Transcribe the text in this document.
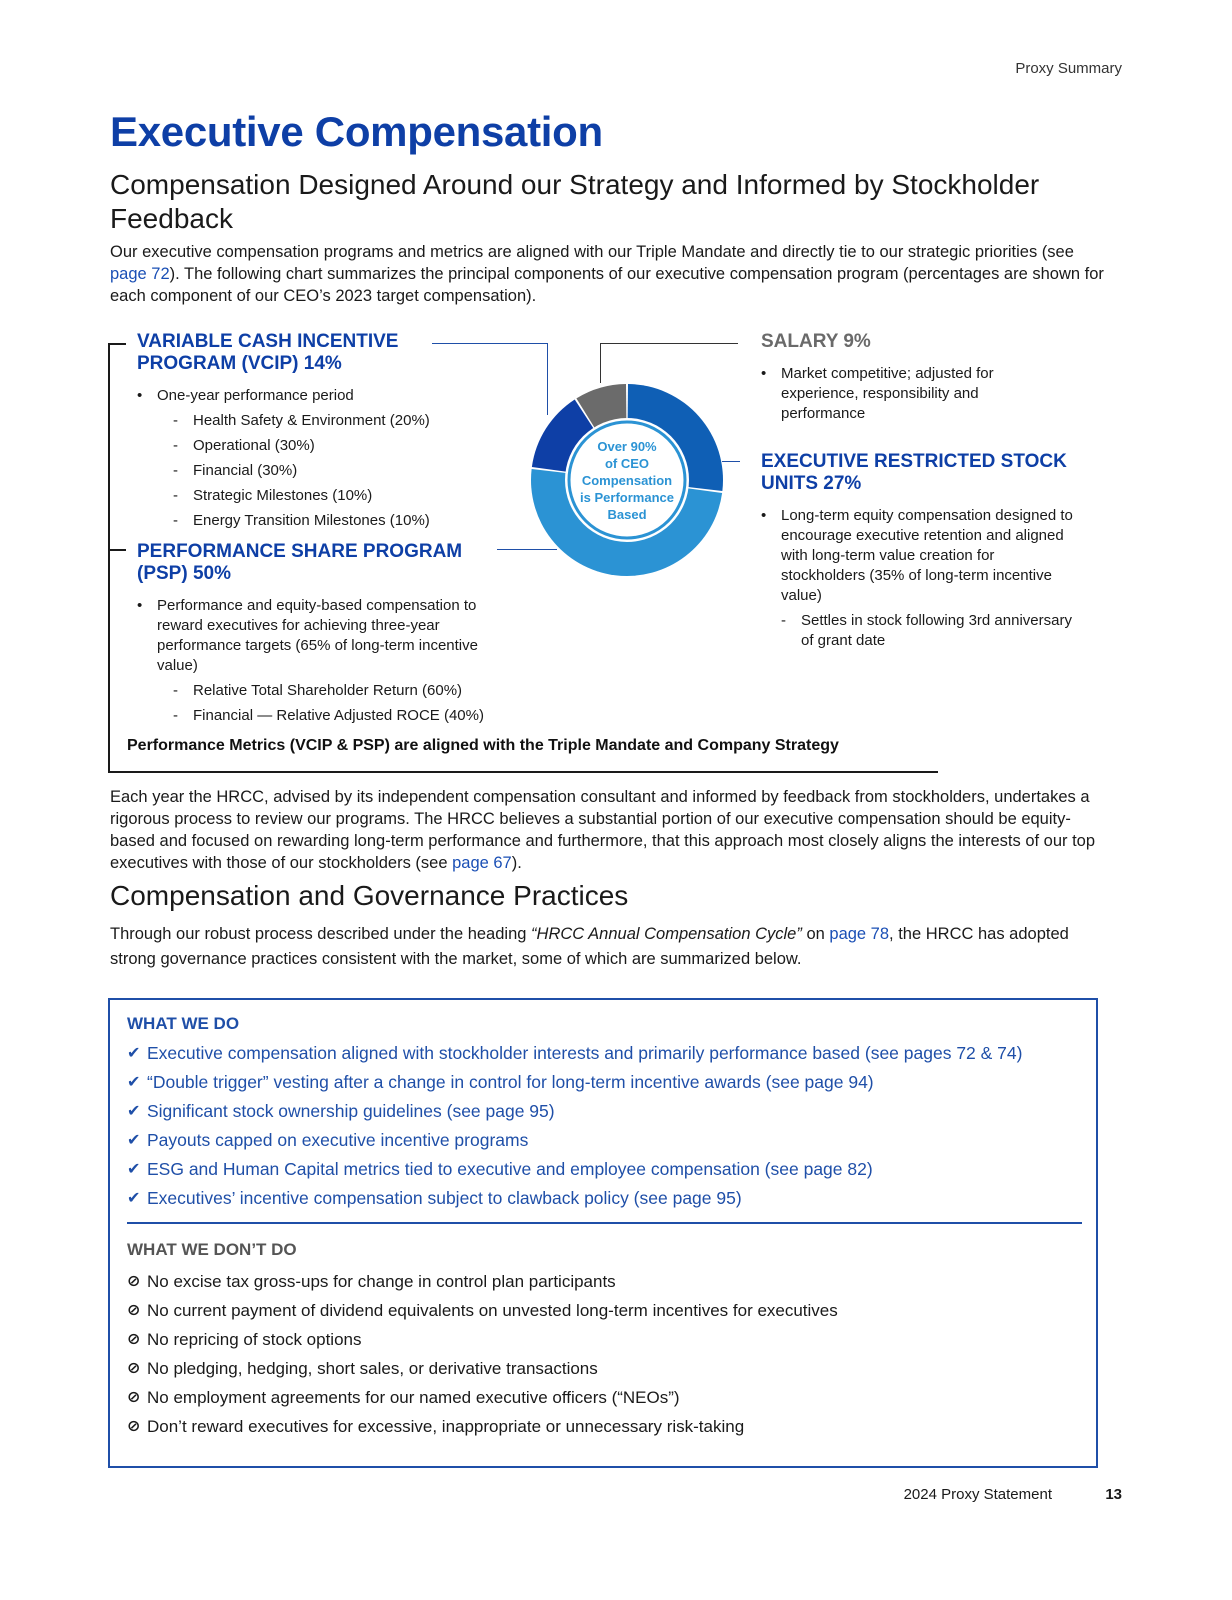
Proxy Summary
Executive Compensation
Compensation Designed Around our Strategy and Informed by Stockholder Feedback

Our executive compensation programs and metrics are aligned with our Triple Mandate and directly tie to our strategic priorities (see page 72). The following chart summarizes the principal components of our executive compensation program (percentages are shown for each component of our CEO’s 2023 target compensation).

Over 90%
of CEO
Compensation
is Performance
Based
VARIABLE CASH INCENTIVE PROGRAM (VCIP) 14%
• One-year performance period
- Health Safety & Environment (20%)
- Operational (30%)
- Financial (30%)
- Strategic Milestones (10%)
- Energy Transition Milestones (10%)
PERFORMANCE SHARE PROGRAM (PSP) 50%
• Performance and equity-based compensation to reward executives for achieving three-year performance targets (65% of long-term incentive value)
- Relative Total Shareholder Return (60%)
- Financial — Relative Adjusted ROCE (40%)
SALARY 9%
• Market competitive; adjusted for experience, responsibility and performance
EXECUTIVE RESTRICTED STOCK UNITS 27%
• Long-term equity compensation designed to encourage executive retention and aligned with long-term value creation for stockholders (35% of long-term incentive value)
- Settles in stock following 3rd anniversary of grant date
Performance Metrics (VCIP & PSP) are aligned with the Triple Mandate and Company Strategy

Each year the HRCC, advised by its independent compensation consultant and informed by feedback from stockholders, undertakes a rigorous process to review our programs. The HRCC believes a substantial portion of our executive compensation should be equity-based and focused on rewarding long-term performance and furthermore, that this approach most closely aligns the interests of our top executives with those of our stockholders (see page 67).

Compensation and Governance Practices

Through our robust process described under the heading “HRCC Annual Compensation Cycle” on page 78, the HRCC has adopted strong governance practices consistent with the market, some of which are summarized below.

WHAT WE DO
✔ Executive compensation aligned with stockholder interests and primarily performance based (see pages 72 & 74)
✔ “Double trigger” vesting after a change in control for long-term incentive awards (see page 94)
✔ Significant stock ownership guidelines (see page 95)
✔ Payouts capped on executive incentive programs
✔ ESG and Human Capital metrics tied to executive and employee compensation (see page 82)
✔ Executives’ incentive compensation subject to clawback policy (see page 95)
WHAT WE DON’T DO
⊘ No excise tax gross-ups for change in control plan participants
⊘ No current payment of dividend equivalents on unvested long-term incentives for executives
⊘ No repricing of stock options
⊘ No pledging, hedging, short sales, or derivative transactions
⊘ No employment agreements for our named executive officers (“NEOs”)
⊘ Don’t reward executives for excessive, inappropriate or unnecessary risk-taking
2024 Proxy Statement	13
